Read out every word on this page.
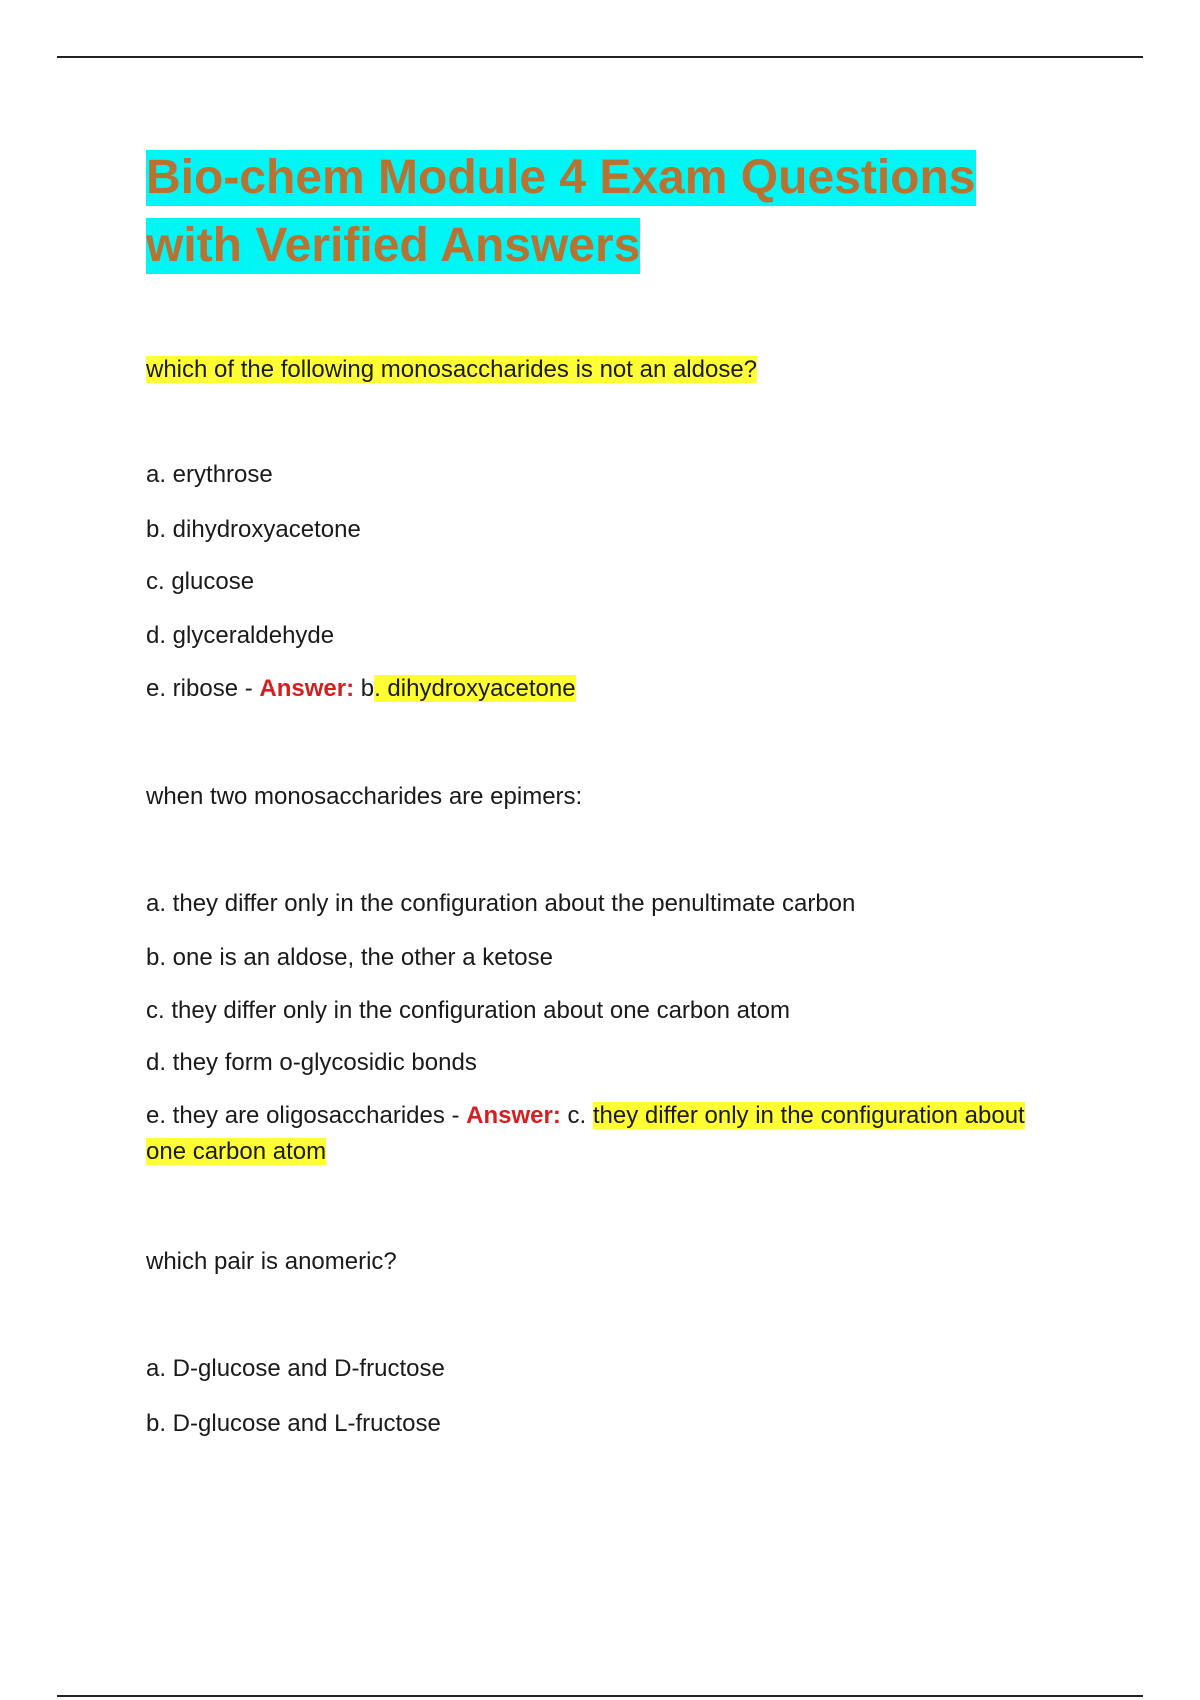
Bio-chem Module 4 Exam Questions with Verified Answers

which of the following monosaccharides is not an aldose?

a. erythrose

b. dihydroxyacetone

c. glucose

d. glyceraldehyde

e. ribose - Answer: b. dihydroxyacetone

when two monosaccharides are epimers:

a. they differ only in the configuration about the penultimate carbon

b. one is an aldose, the other a ketose

c. they differ only in the configuration about one carbon atom

d. they form o-glycosidic bonds

e. they are oligosaccharides - Answer: c. they differ only in the configuration about one carbon atom

which pair is anomeric?

a. D-glucose and D-fructose

b. D-glucose and L-fructose
